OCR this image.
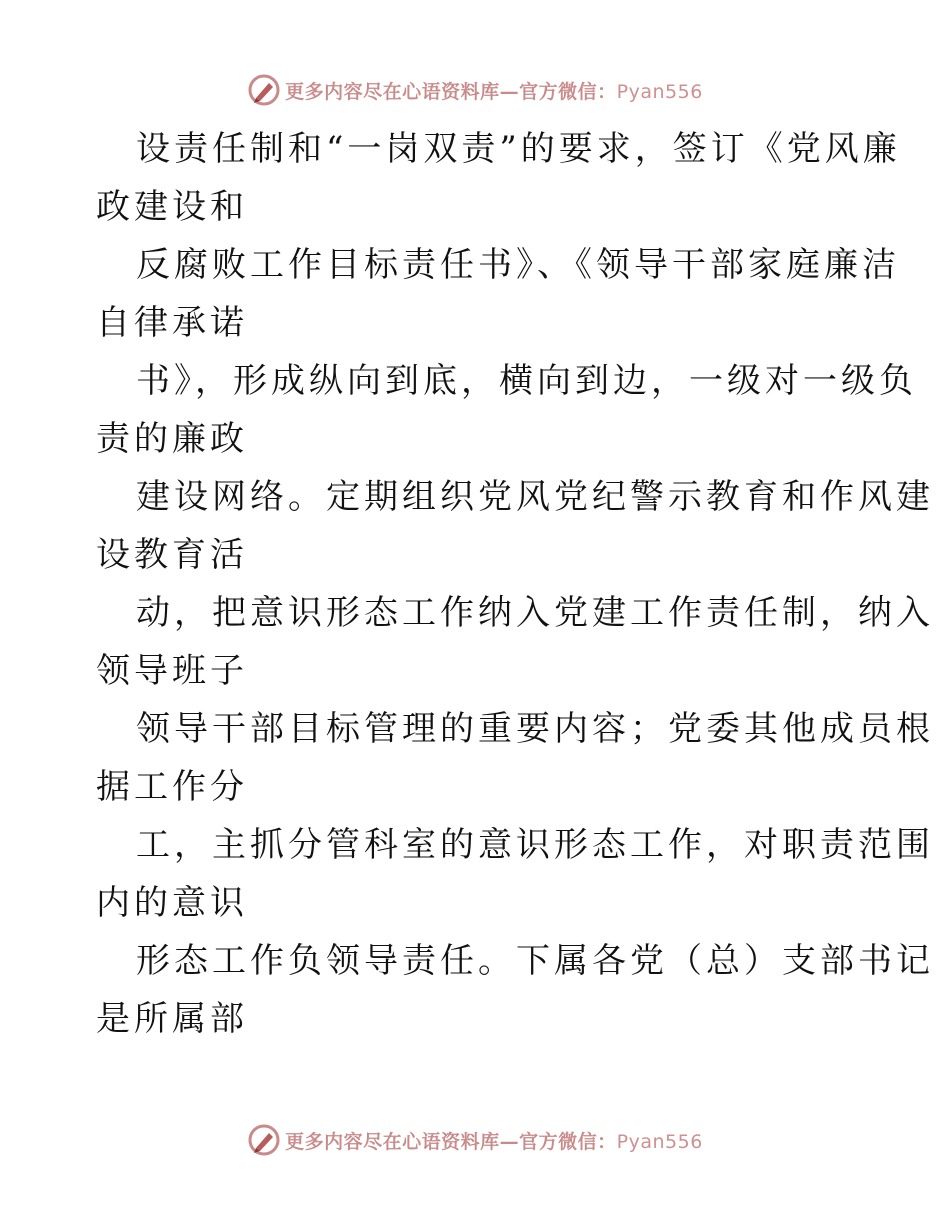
更多内容尽在心语资料库—官方微信：Pyan556

设责任制和“一岗双责”的要求，签订《党风廉
政建设和

反腐败工作目标责任书》、《领导干部家庭廉洁
自律承诺

书》，形成纵向到底，横向到边，一级对一级负
责的廉政

建设网络。定期组织党风党纪警示教育和作风建
设教育活

动，把意识形态工作纳入党建工作责任制，纳入
领导班子

领导干部目标管理的重要内容；党委其他成员根
据工作分

工，主抓分管科室的意识形态工作，对职责范围
内的意识

形态工作负领导责任。下属各党（总）支部书记
是所属部

更多内容尽在心语资料库—官方微信：Pyan556
